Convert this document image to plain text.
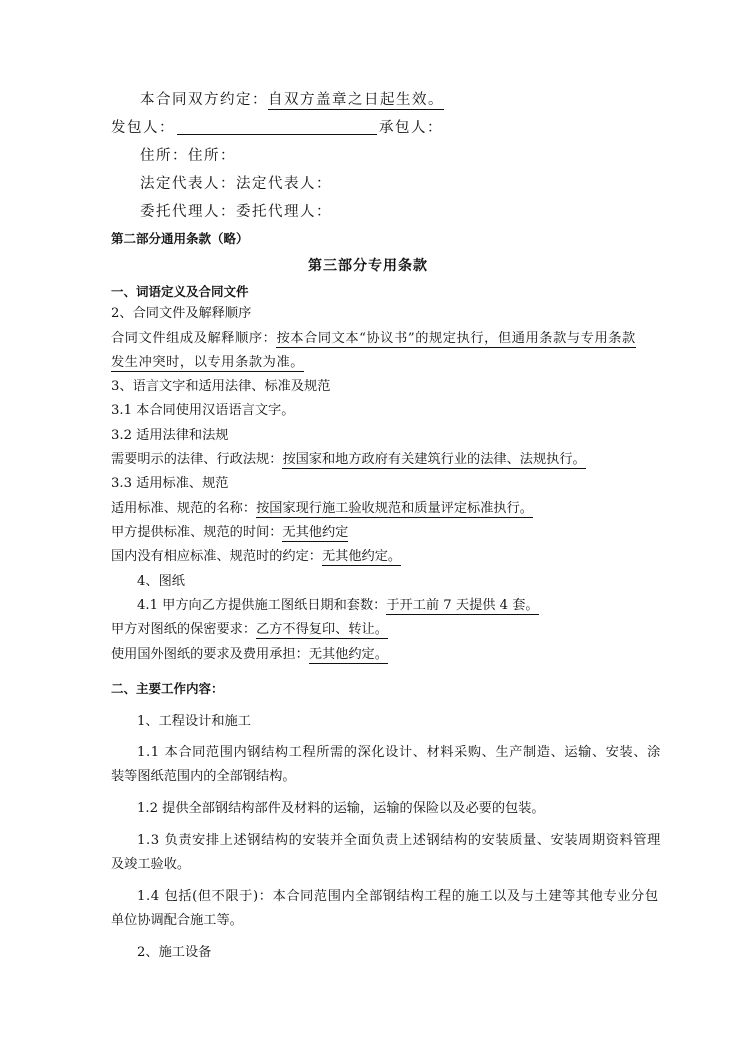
本合同双方约定：自双方盖章之日起生效。
发包人：	承包人：
住所：住所：
法定代表人：法定代表人：
委托代理人：委托代理人：
第二部分通用条款（略）
第三部分专用条款
一、词语定义及合同文件
2、合同文件及解释顺序
合同文件组成及解释顺序：按本合同文本“协议书”的规定执行，但通用条款与专用条款
发生冲突时，以专用条款为准。
3、语言文字和适用法律、标准及规范
3.1 本合同使用汉语语言文字。
3.2 适用法律和法规
需要明示的法律、行政法规：按国家和地方政府有关建筑行业的法律、法规执行。
3.3 适用标准、规范
适用标准、规范的名称：按国家现行施工验收规范和质量评定标准执行。
甲方提供标准、规范的时间：无其他约定
国内没有相应标准、规范时的约定：无其他约定。
4、图纸
4.1 甲方向乙方提供施工图纸日期和套数：于开工前 7 天提供 4 套。
甲方对图纸的保密要求：乙方不得复印、转让。
使用国外图纸的要求及费用承担：无其他约定。
二、主要工作内容：
1、工程设计和施工
1.1 本合同范围内钢结构工程所需的深化设计、材料采购、生产制造、运输、安装、涂
装等图纸范围内的全部钢结构。
1.2 提供全部钢结构部件及材料的运输，运输的保险以及必要的包装。
1.3 负责安排上述钢结构的安装并全面负责上述钢结构的安装质量、安装周期资料管理
及竣工验收。
1.4 包括(但不限于)：本合同范围内全部钢结构工程的施工以及与土建等其他专业分包
单位协调配合施工等。
2、施工设备
